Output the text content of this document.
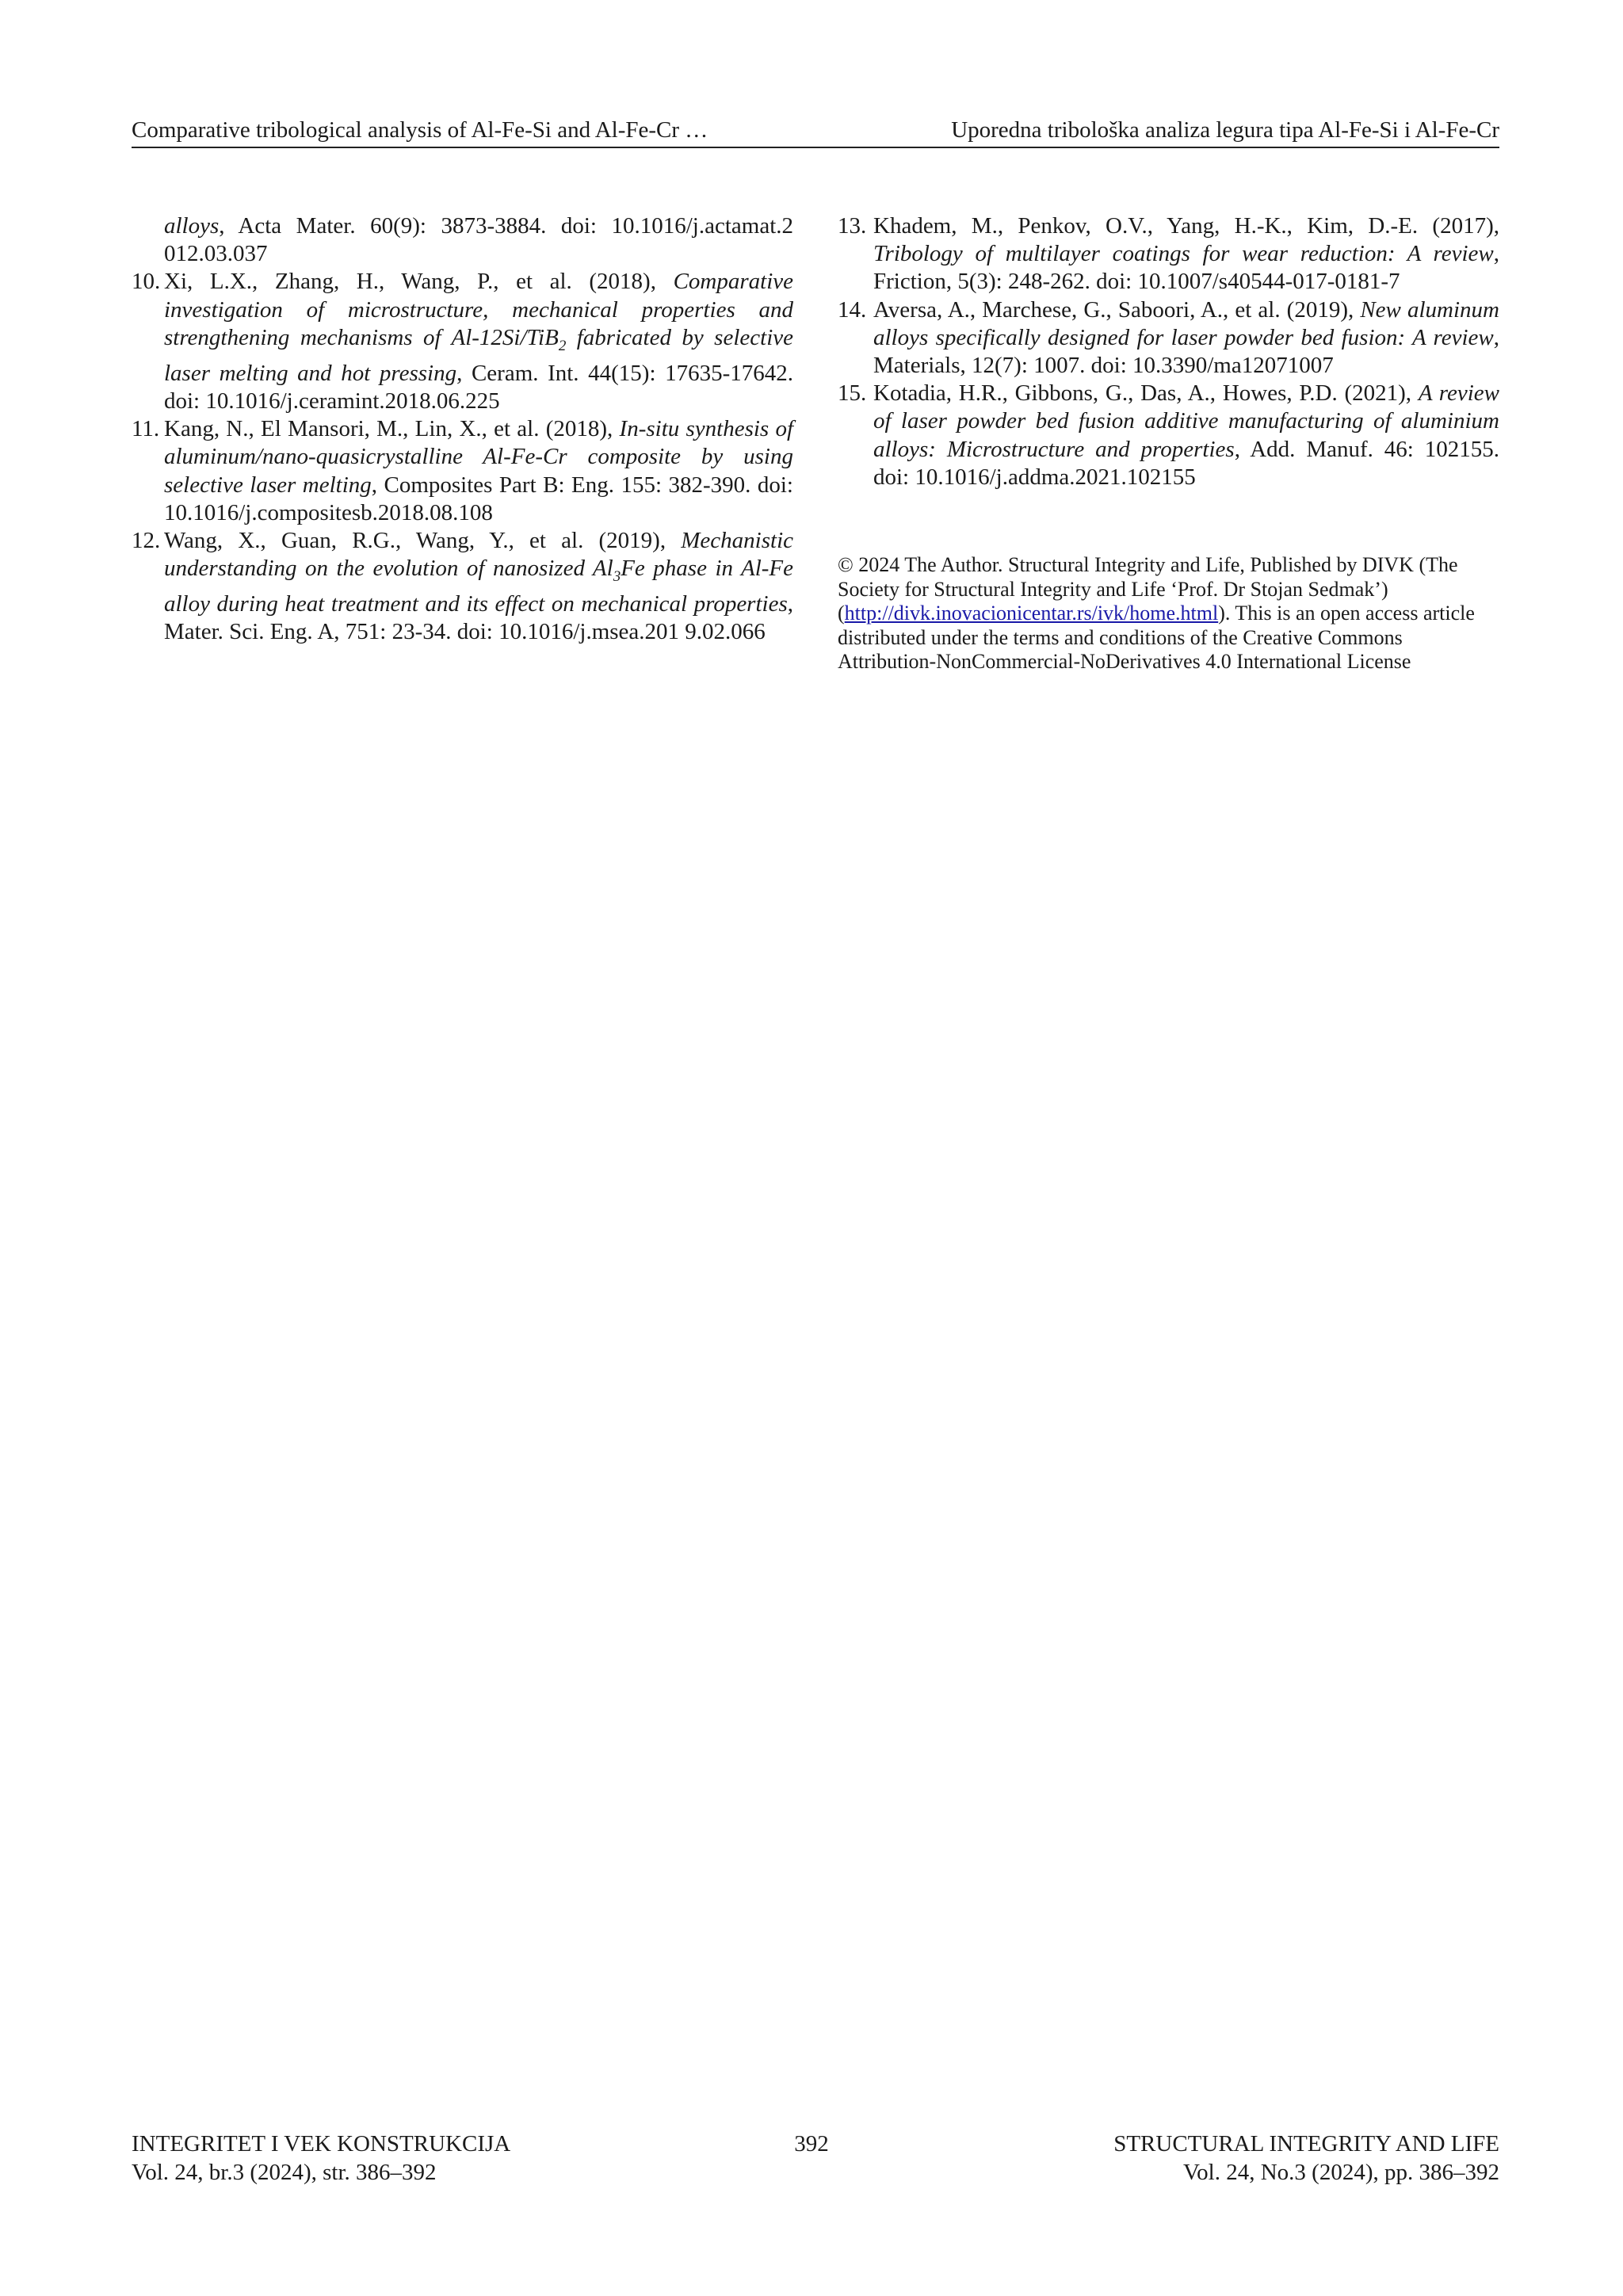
Comparative tribological analysis of Al-Fe-Si and Al-Fe-Cr …	Uporedna tribološka analiza legura tipa Al-Fe-Si i Al-Fe-Cr

alloys, Acta Mater. 60(9): 3873-3884. doi: 10.1016/j.actamat.2 012.03.037

10. Xi, L.X., Zhang, H., Wang, P., et al. (2018), Comparative investigation of microstructure, mechanical properties and strengthening mechanisms of Al-12Si/TiB$_2$ fabricated by selective laser melting and hot pressing, Ceram. Int. 44(15): 17635-17642. doi: 10.1016/j.ceramint.2018.06.225

11. Kang, N., El Mansori, M., Lin, X., et al. (2018), In-situ synthesis of aluminum/nano-quasicrystalline Al-Fe-Cr composite by using selective laser melting, Composites Part B: Eng. 155: 382-390. doi: 10.1016/j.compositesb.2018.08.108

12. Wang, X., Guan, R.G., Wang, Y., et al. (2019), Mechanistic understanding on the evolution of nanosized $Al_3Fe$ phase in Al-Fe alloy during heat treatment and its effect on mechanical properties, Mater. Sci. Eng. A, 751: 23-34. doi: 10.1016/j.msea.201 9.02.066

13. Khadem, M., Penkov, O.V., Yang, H.-K., Kim, D.-E. (2017), Tribology of multilayer coatings for wear reduction: A review, Friction, 5(3): 248-262. doi: 10.1007/s40544-017-0181-7

14. Aversa, A., Marchese, G., Saboori, A., et al. (2019), New aluminum alloys specifically designed for laser powder bed fusion: A review, Materials, 12(7): 1007. doi: 10.3390/ma12071007

15. Kotadia, H.R., Gibbons, G., Das, A., Howes, P.D. (2021), A review of laser powder bed fusion additive manufacturing of aluminium alloys: Microstructure and properties, Add. Manuf. 46: 102155. doi: 10.1016/j.addma.2021.102155

© 2024 The Author. Structural Integrity and Life, Published by DIVK (The Society for Structural Integrity and Life ‘Prof. Dr Stojan Sedmak’) (http://divk.inovacionicentar.rs/ivk/home.html). This is an open access article distributed under the terms and conditions of the Creative Commons Attribution-NonCommercial-NoDerivatives 4.0 International License
INTEGRITET I VEK KONSTRUKCIJA
Vol. 24, br.3 (2024), str. 386–392
392	STRUCTURAL INTEGRITY AND LIFE
Vol. 24, No.3 (2024), pp. 386–392
